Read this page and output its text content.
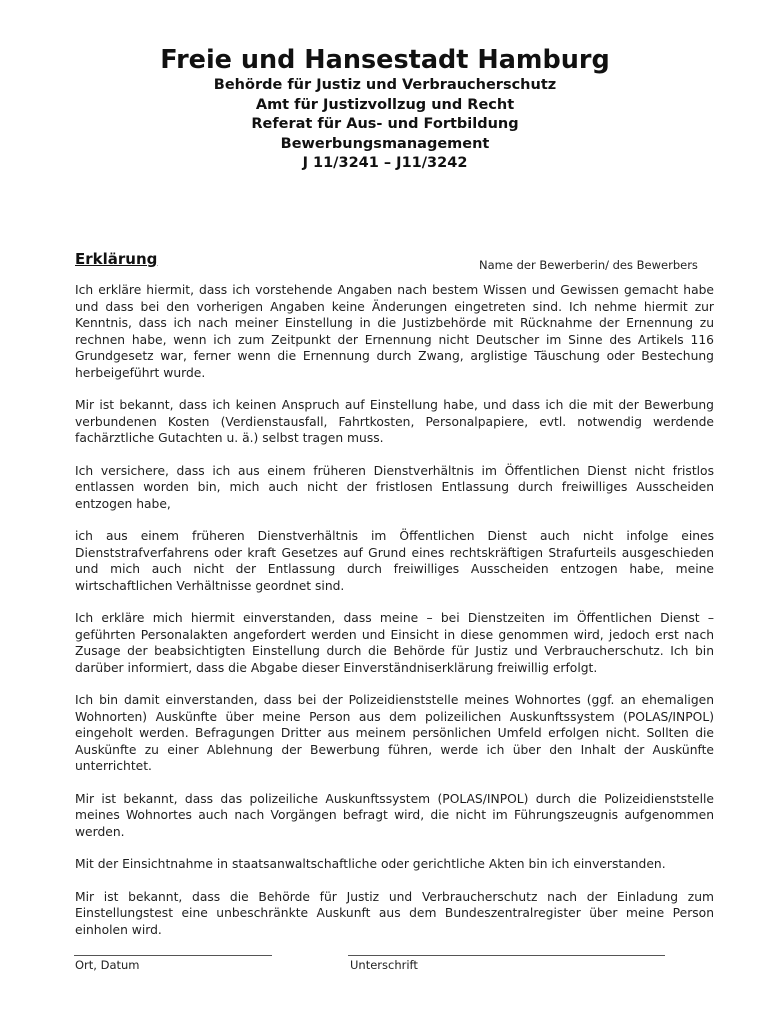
Freie und Hansestadt Hamburg

Behörde für Justiz und Verbraucherschutz

Amt für Justizvollzug und Recht

Referat für Aus- und Fortbildung

Bewerbungsmanagement

J 11/3241 – J11/3242

Erklärung	Name der Bewerberin/ des Bewerbers

Ich erkläre hiermit, dass ich vorstehende Angaben nach bestem Wissen und Gewissen gemacht habe und dass bei den vorherigen Angaben keine Änderungen eingetreten sind. Ich nehme hiermit zur Kenntnis, dass ich nach meiner Einstellung in die Justizbehörde mit Rücknahme der Ernennung zu rechnen habe, wenn ich zum Zeitpunkt der Ernennung nicht Deutscher im Sinne des Artikels 116 Grundgesetz war, ferner wenn die Ernennung durch Zwang, arglistige Täuschung oder Bestechung herbeigeführt wurde.

Mir ist bekannt, dass ich keinen Anspruch auf Einstellung habe, und dass ich die mit der Bewerbung verbundenen Kosten (Verdienstausfall, Fahrtkosten, Personalpapiere, evtl. notwendig werdende fachärztliche Gutachten u. ä.) selbst tragen muss.

Ich versichere, dass ich aus einem früheren Dienstverhältnis im Öffentlichen Dienst nicht fristlos entlassen worden bin, mich auch nicht der fristlosen Entlassung durch freiwilliges Ausscheiden entzogen habe,

ich aus einem früheren Dienstverhältnis im Öffentlichen Dienst auch nicht infolge eines Dienststrafverfahrens oder kraft Gesetzes auf Grund eines rechtskräftigen Strafurteils ausgeschieden und mich auch nicht der Entlassung durch freiwilliges Ausscheiden entzogen habe, meine wirtschaftlichen Verhältnisse geordnet sind.

Ich erkläre mich hiermit einverstanden, dass meine – bei Dienstzeiten im Öffentlichen Dienst – geführten Personalakten angefordert werden und Einsicht in diese genommen wird, jedoch erst nach Zusage der beabsichtigten Einstellung durch die Behörde für Justiz und Verbraucherschutz. Ich bin darüber informiert, dass die Abgabe dieser Einverständniserklärung freiwillig erfolgt.

Ich bin damit einverstanden, dass bei der Polizeidienststelle meines Wohnortes (ggf. an ehemaligen Wohnorten) Auskünfte über meine Person aus dem polizeilichen Auskunftssystem (POLAS/INPOL) eingeholt werden. Befragungen Dritter aus meinem persönlichen Umfeld erfolgen nicht. Sollten die Auskünfte zu einer Ablehnung der Bewerbung führen, werde ich über den Inhalt der Auskünfte unterrichtet.

Mir ist bekannt, dass das polizeiliche Auskunftssystem (POLAS/INPOL) durch die Polizeidienststelle meines Wohnortes auch nach Vorgängen befragt wird, die nicht im Führungszeugnis aufgenommen werden.

Mit der Einsichtnahme in staatsanwaltschaftliche oder gerichtliche Akten bin ich einverstanden.

Mir ist bekannt, dass die Behörde für Justiz und Verbraucherschutz nach der Einladung zum Einstellungstest eine unbeschränkte Auskunft aus dem Bundeszentralregister über meine Person einholen wird.

Ort, Datum	Unterschrift
